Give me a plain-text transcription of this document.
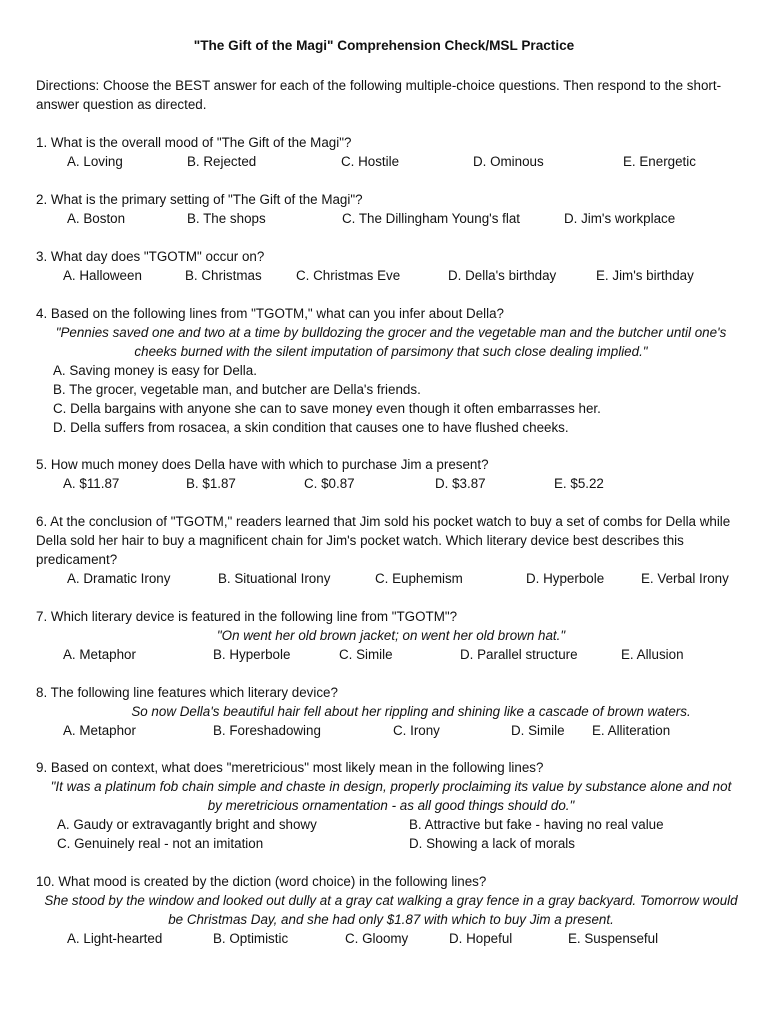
"The Gift of the Magi" Comprehension Check/MSL Practice
Directions: Choose the BEST answer for each of the following multiple-choice questions. Then respond to the short-answer question as directed.
1. What is the overall mood of "The Gift of the Magi"?
A. Loving	B. Rejected	C. Hostile	D. Ominous	E. Energetic
2. What is the primary setting of "The Gift of the Magi"?
A. Boston	B. The shops	C. The Dillingham Young's flat	D. Jim's workplace
3. What day does "TGOTM" occur on?
A. Halloween	B. Christmas	C. Christmas Eve	D. Della's birthday	E. Jim's birthday
4. Based on the following lines from "TGOTM," what can you infer about Della?
"Pennies saved one and two at a time by bulldozing the grocer and the vegetable man and the butcher until one's cheeks burned with the silent imputation of parsimony that such close dealing implied."
A. Saving money is easy for Della.
B. The grocer, vegetable man, and butcher are Della's friends.
C. Della bargains with anyone she can to save money even though it often embarrasses her.
D. Della suffers from rosacea, a skin condition that causes one to have flushed cheeks.
5. How much money does Della have with which to purchase Jim a present?
A. $11.87	B. $1.87	C. $0.87	D. $3.87	E. $5.22
6. At the conclusion of "TGOTM," readers learned that Jim sold his pocket watch to buy a set of combs for Della while Della sold her hair to buy a magnificent chain for Jim's pocket watch. Which literary device best describes this predicament?
A. Dramatic Irony	B. Situational Irony	C. Euphemism	D. Hyperbole	E. Verbal Irony
7. Which literary device is featured in the following line from "TGOTM"?
"On went her old brown jacket; on went her old brown hat."
A. Metaphor	B. Hyperbole	C. Simile	D. Parallel structure	E. Allusion
8. The following line features which literary device?
So now Della's beautiful hair fell about her rippling and shining like a cascade of brown waters.
A. Metaphor	B. Foreshadowing	C. Irony	D. Simile E. Alliteration
9. Based on context, what does "meretricious" most likely mean in the following lines?
"It was a platinum fob chain simple and chaste in design, properly proclaiming its value by substance alone and not by meretricious ornamentation - as all good things should do."
A. Gaudy or extravagantly bright and showy	B. Attractive but fake - having no real value
C. Genuinely real - not an imitation	D. Showing a lack of morals
10. What mood is created by the diction (word choice) in the following lines?
She stood by the window and looked out dully at a gray cat walking a gray fence in a gray backyard. Tomorrow would be Christmas Day, and she had only $1.87 with which to buy Jim a present.
A. Light-hearted	B. Optimistic	C. Gloomy	D. Hopeful	E. Suspenseful
